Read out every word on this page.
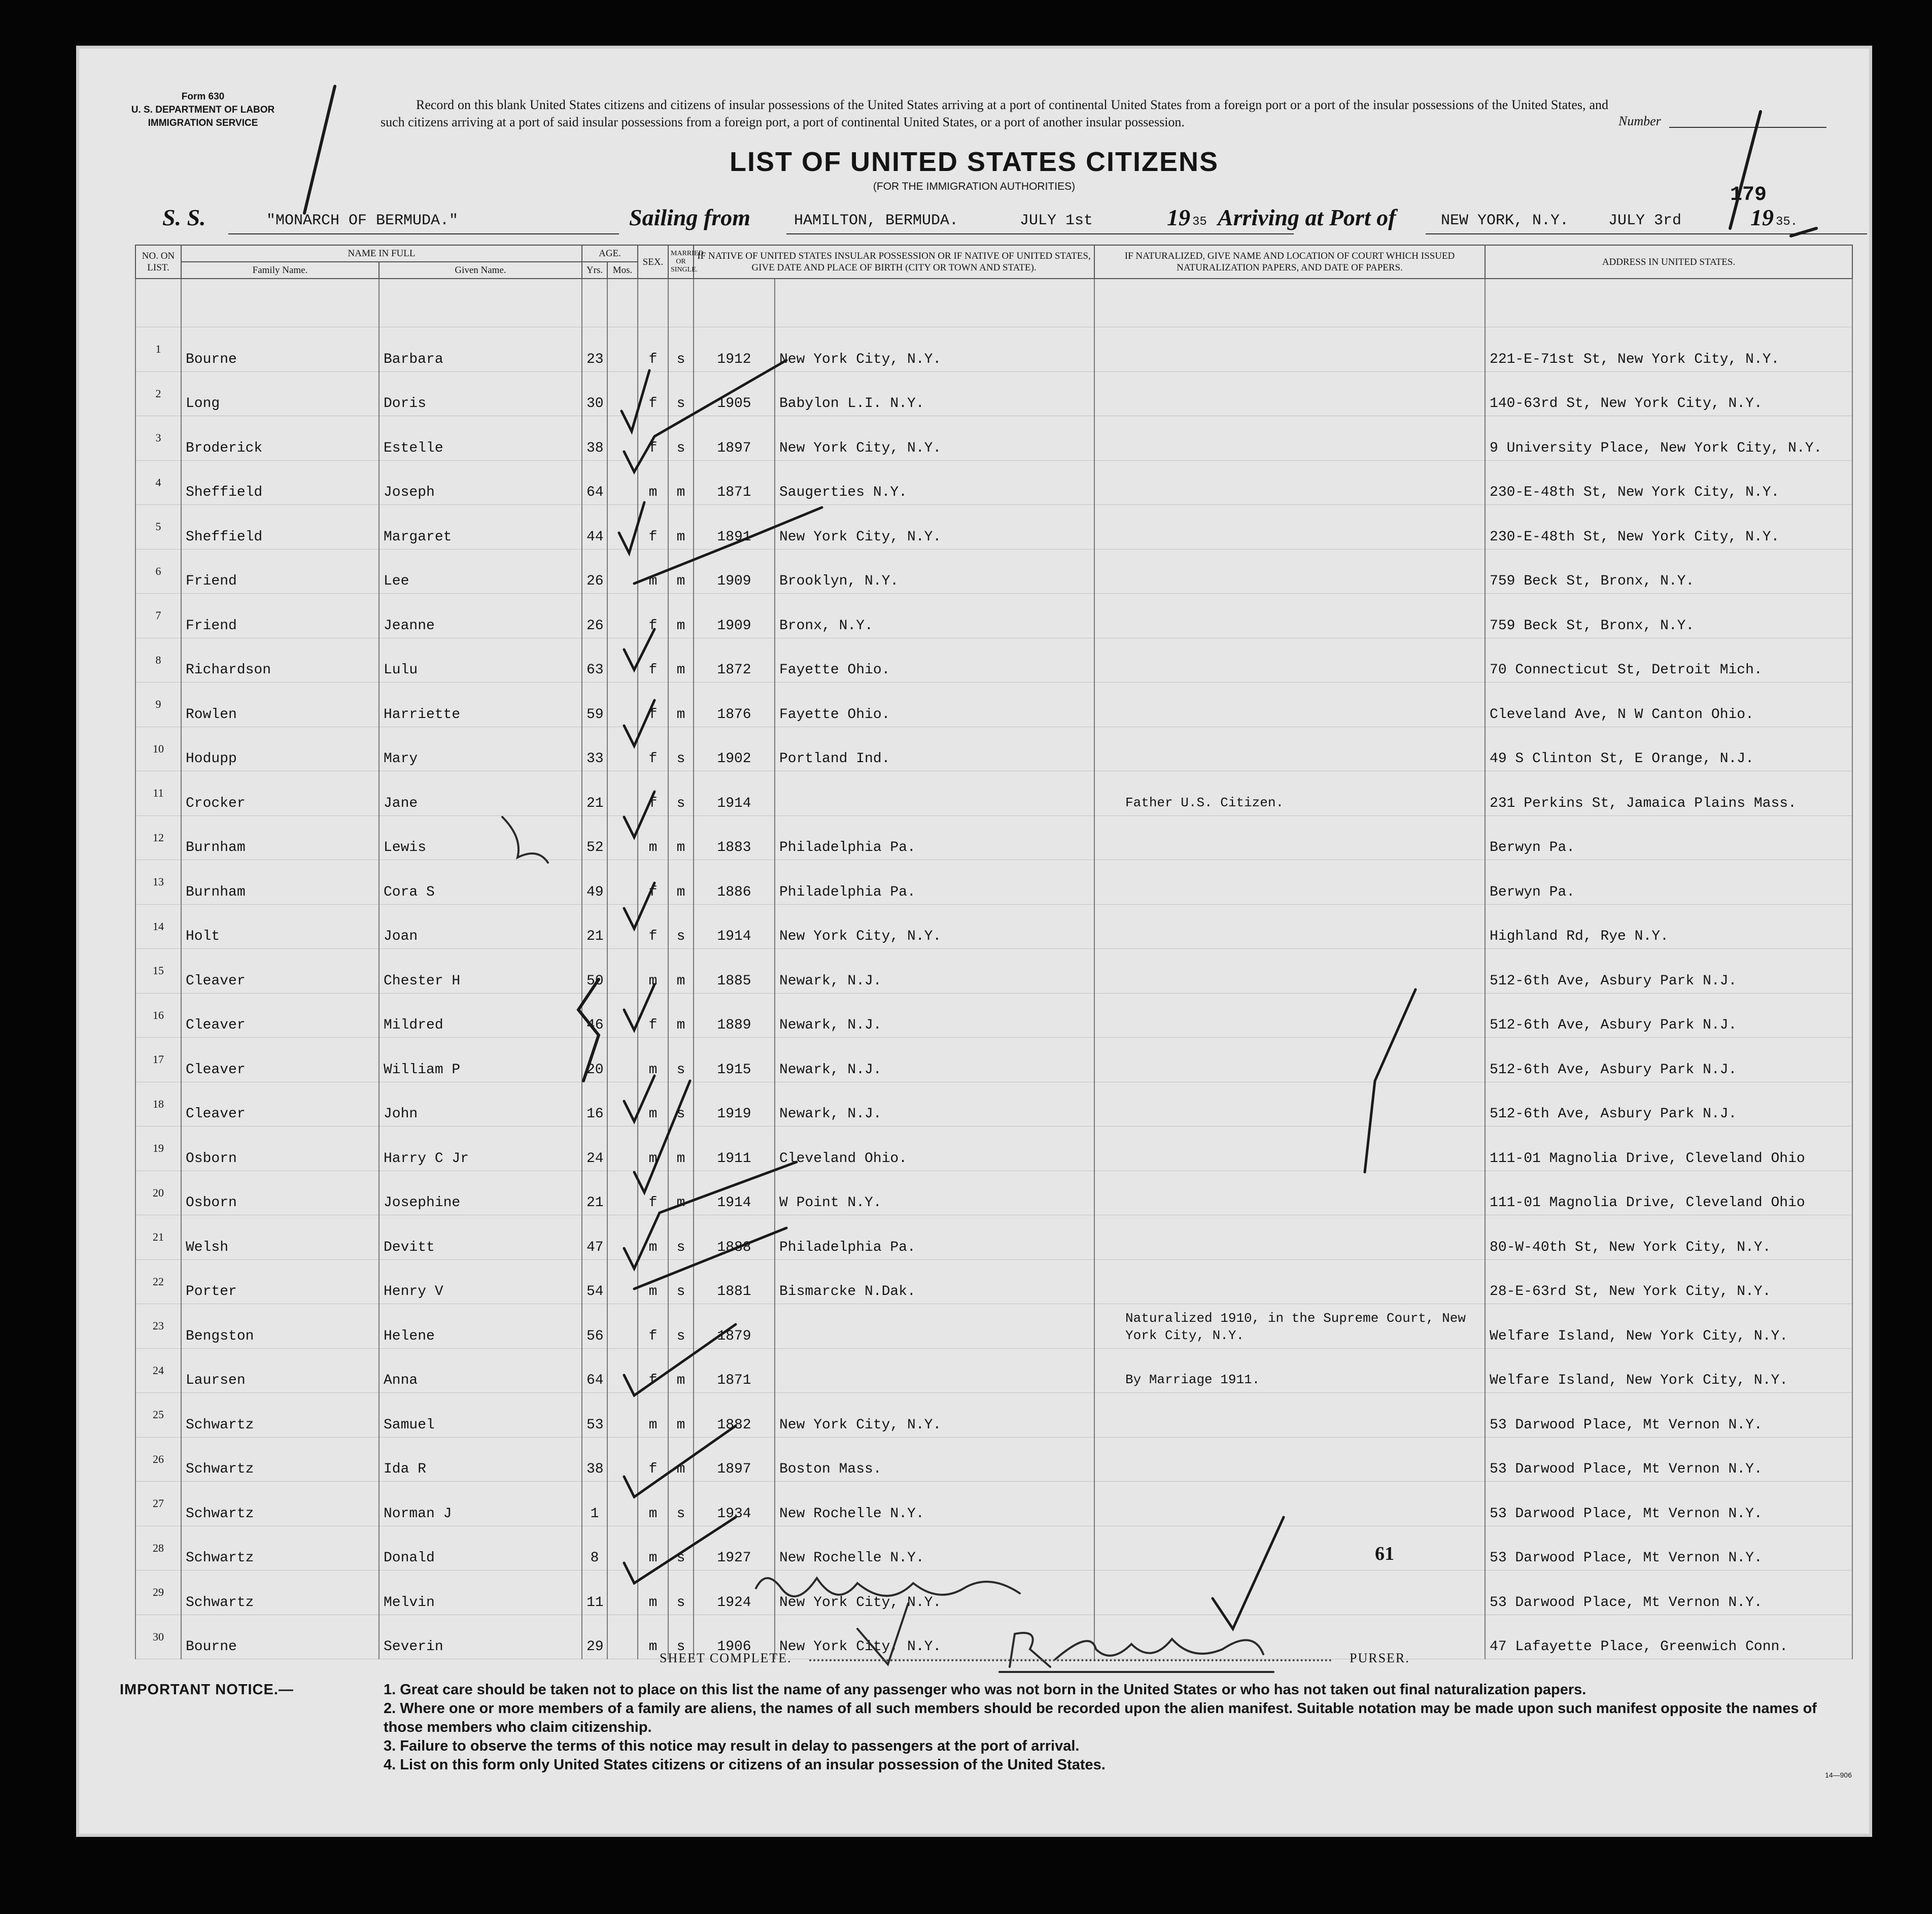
Form 630
U. S. DEPARTMENT OF LABOR
IMMIGRATION SERVICE
Record on this blank United States citizens and citizens of insular possessions of the United States arriving at a port of continental United States from a foreign port or a port of the insular possessions of the United States, and such citizens arriving at a port of said insular possessions from a foreign port, a port of continental United States, or a port of another insular possession.	Number
LIST OF UNITED STATES CITIZENS
(FOR THE IMMIGRATION AUTHORITIES)	179
S. S.	"MONARCH OF BERMUDA."	Sailing from	HAMILTON, BERMUDA.	JULY 1st	19 35 Arriving at Port of	NEW YORK, N.Y.	JULY 3rd	19 35.
NO. ON LIST.	NAME IN FULL		AGE.		SEX.	MARRIED OR SINGLE.	IF NATIVE OF UNITED STATES INSULAR POSSESSION OR IF NATIVE OF UNITED STATES, GIVE DATE AND PLACE OF BIRTH (CITY OR TOWN AND STATE).		IF NATURALIZED, GIVE NAME AND LOCATION OF COURT WHICH ISSUED NATURALIZATION PAPERS, AND DATE OF PAPERS.	ADDRESS IN UNITED STATES.
	Family Name.	Given Name.	Yrs.	Mos.						

1	Bourne	Barbara	23		f	s	1912	New York City, N.Y.		221-E-71st St, New York City, N.Y.
2	Long	Doris	30		f	s	1905	Babylon L.I. N.Y.		140-63rd St, New York City, N.Y.
3	Broderick	Estelle	38		f	s	1897	New York City, N.Y.		9 University Place, New York City, N.Y.
4	Sheffield	Joseph	64		m	m	1871	Saugerties N.Y.		230-E-48th St, New York City, N.Y.
5	Sheffield	Margaret	44		f	m	1891	New York City, N.Y.		230-E-48th St, New York City, N.Y.
6	Friend	Lee	26		m	m	1909	Brooklyn, N.Y.		759 Beck St, Bronx, N.Y.
7	Friend	Jeanne	26		f	m	1909	Bronx, N.Y.		759 Beck St, Bronx, N.Y.
8	Richardson	Lulu	63		f	m	1872	Fayette Ohio.		70 Connecticut St, Detroit Mich.
9	Rowlen	Harriette	59		f	m	1876	Fayette Ohio.		Cleveland Ave, N W Canton Ohio.
10	Hodupp	Mary	33		f	s	1902	Portland Ind.		49 S Clinton St, E Orange, N.J.
11	Crocker	Jane	21		f	s	1914		Father U.S. Citizen.	231 Perkins St, Jamaica Plains Mass.
12	Burnham	Lewis	52		m	m	1883	Philadelphia Pa.		Berwyn Pa.
13	Burnham	Cora S	49		f	m	1886	Philadelphia Pa.		Berwyn Pa.
14	Holt	Joan	21		f	s	1914	New York City, N.Y.		Highland Rd, Rye N.Y.
15	Cleaver	Chester H	50		m	m	1885	Newark, N.J.		512-6th Ave, Asbury Park N.J.
16	Cleaver	Mildred	46		f	m	1889	Newark, N.J.		512-6th Ave, Asbury Park N.J.
17	Cleaver	William P	20		m	s	1915	Newark, N.J.		512-6th Ave, Asbury Park N.J.
18	Cleaver	John	16		m	s	1919	Newark, N.J.		512-6th Ave, Asbury Park N.J.
19	Osborn	Harry C Jr	24		m	m	1911	Cleveland Ohio.		111-01 Magnolia Drive, Cleveland Ohio
20	Osborn	Josephine	21		f	m	1914	W Point N.Y.		111-01 Magnolia Drive, Cleveland Ohio
21	Welsh	Devitt	47		m	s	1888	Philadelphia Pa.		80-W-40th St, New York City, N.Y.
22	Porter	Henry V	54		m	s	1881	Bismarcke N.Dak.		28-E-63rd St, New York City, N.Y.
23	Bengston	Helene	56		f	s	1879		Naturalized 1910, in the Supreme Court, New York City, N.Y.	Welfare Island, New York City, N.Y.
24	Laursen	Anna	64		f	m	1871		By Marriage 1911.	Welfare Island, New York City, N.Y.
25	Schwartz	Samuel	53		m	m	1882	New York City, N.Y.		53 Darwood Place, Mt Vernon N.Y.
26	Schwartz	Ida R	38		f	m	1897	Boston Mass.		53 Darwood Place, Mt Vernon N.Y.
27	Schwartz	Norman J	1		m	s	1934	New Rochelle N.Y.		53 Darwood Place, Mt Vernon N.Y.
28	Schwartz	Donald	8		m	s	1927	New Rochelle N.Y.		53 Darwood Place, Mt Vernon N.Y.
29	Schwartz	Melvin	11		m	s	1924	New York City, N.Y.		53 Darwood Place, Mt Vernon N.Y.
30	Bourne	Severin	29		m	s	1906	New York City, N.Y.		47 Lafayette Place, Greenwich Conn.
61
SHEET COMPLETE.	PURSER.
IMPORTANT NOTICE.—	1. Great care should be taken not to place on this list the name of any passenger who was not born in the United States or who has not taken out final naturalization papers.
2. Where one or more members of a family are aliens, the names of all such members should be recorded upon the alien manifest. Suitable notation may be made upon such manifest opposite the names of those members who claim citizenship.
3. Failure to observe the terms of this notice may result in delay to passengers at the port of arrival.
4. List on this form only United States citizens or citizens of an insular possession of the United States.
14—906
